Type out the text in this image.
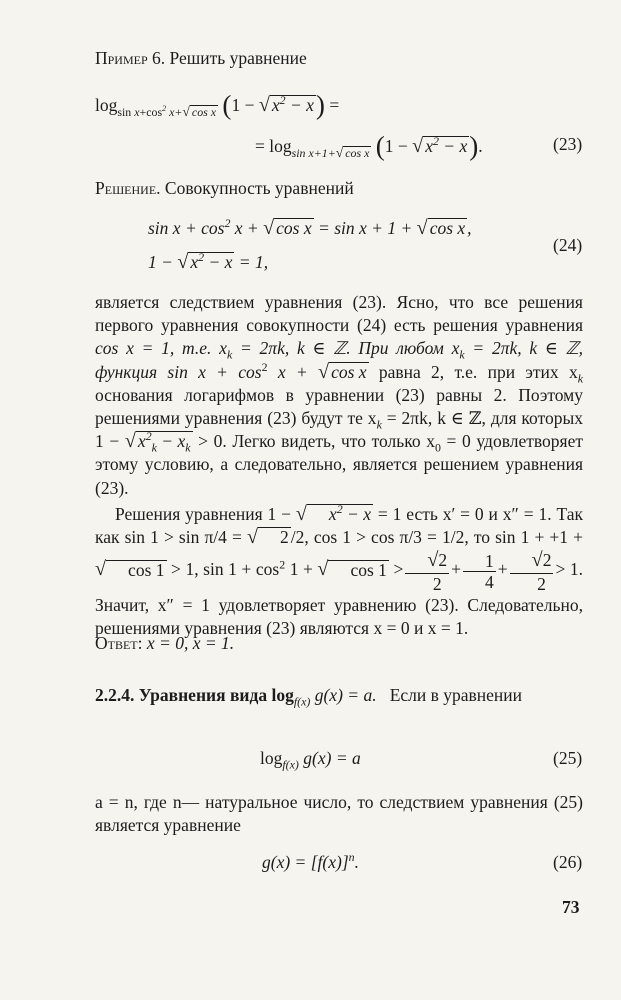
Пример 6. Решить уравнение
$\log_{sin x+cos^2 x+√ cos x} (1$ − √ $x^2 - x$) =
= $\log_{sin x+1+√ cos x} (1$ − √ $x^2 - x$).	(23)
Решение. Совокупность уравнений
$\sin x + \cos^2 x$ + √ cos x = sin x + 1 + √ cos x ,
1 − √ $x^2 - x = 1$,
(24)

является следствием уравнения (23). Ясно, что все решения первого уравнения совокупности (24) есть решения уравнения cos x = 1, т.е. $x_k = 2\pi k$, k ∈ ℤ. При любом $x_k = 2\pi k$, k ∈ ℤ, функция $\sin x + \cos^2 x$ + √ cos x равна 2, т.е. при этих $x_k$ основания логарифмов в уравнении (23) равны 2. Поэтому решениями уравнения (23) будут те $x_k = 2\pi k$, k ∈ ℤ, для которых 1 − √ $x^2_k - x_k > 0$. Легко видеть, что только $x_0 = 0$ удовлетворяет этому условию, а следовательно, является решением уравнения (23).

Решения уравнения 1 − √ $x^2 - x = 1$ есть x′ = 0 и x″ = 1. Так как sin 1 > sin π/4 = √ 2 /2, cos 1 > cos π/3 = 1/2, то sin 1 + +1 + √ cos 1 > 1, $\sin 1 + \cos^2 1$ + √ $\cos 1 > \frac{√2}{2} + \frac{1}{4} + \frac{√2}{2} > 1$. Значит, x″ = 1 удовлетворяет уравнению (23). Следовательно, решениями уравнения (23) являются x = 0 и x = 1.

Ответ: x = 0, x = 1.

2.2.4. Уравнения вида $\log_{f(x)} g(x) = a$. Если в уравнении

$\log_{f(x)} g(x) = a$	(25)

a = n, где n— натуральное число, то следствием уравнения (25) является уравнение

$g(x) = [f(x)]^n$.	(26)
73
